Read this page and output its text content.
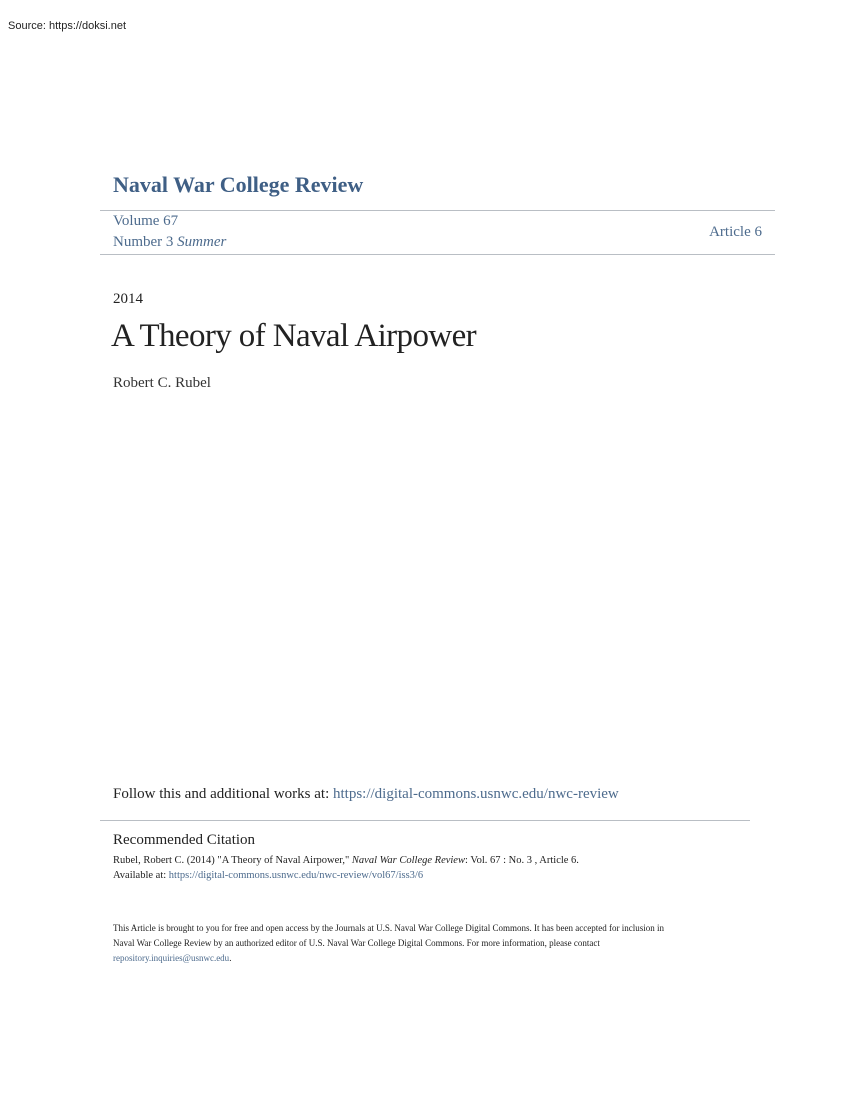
Source: https://doksi.net
Naval War College Review
Volume 67
Number 3 Summer
Article 6
2014
A Theory of Naval Airpower
Robert C. Rubel
Follow this and additional works at: https://digital-commons.usnwc.edu/nwc-review
Recommended Citation
Rubel, Robert C. (2014) "A Theory of Naval Airpower," Naval War College Review: Vol. 67 : No. 3 , Article 6.
Available at: https://digital-commons.usnwc.edu/nwc-review/vol67/iss3/6
This Article is brought to you for free and open access by the Journals at U.S. Naval War College Digital Commons. It has been accepted for inclusion in
Naval War College Review by an authorized editor of U.S. Naval War College Digital Commons. For more information, please contact
repository.inquiries@usnwc.edu.
